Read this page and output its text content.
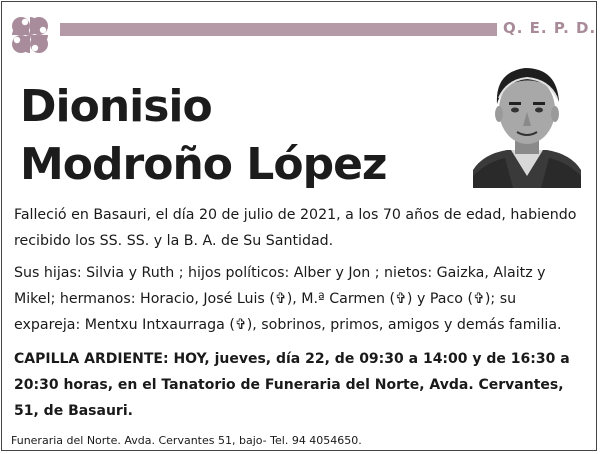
Q. E. P. D.
Dionisio
Modroño López

Falleció en Basauri, el día 20 de julio de 2021, a los 70 años de edad, habiendo recibido los SS. SS. y la B. A. de Su Santidad.

Sus hijas: Silvia y Ruth ; hijos políticos: Alber y Jon ; nietos: Gaizka, Alaitz y Mikel; hermanos: Horacio, José Luis (✞), M.ª Carmen (✞) y Paco (✞); su expareja: Mentxu Intxaurraga (✞), sobrinos, primos, amigos y demás familia.

CAPILLA ARDIENTE: HOY, jueves, día 22, de 09:30 a 14:00 y de 16:30 a 20:30 horas, en el Tanatorio de Funeraria del Norte, Avda. Cervantes, 51, de Basauri.

Funeraria del Norte. Avda. Cervantes 51, bajo- Tel. 94 4054650.
